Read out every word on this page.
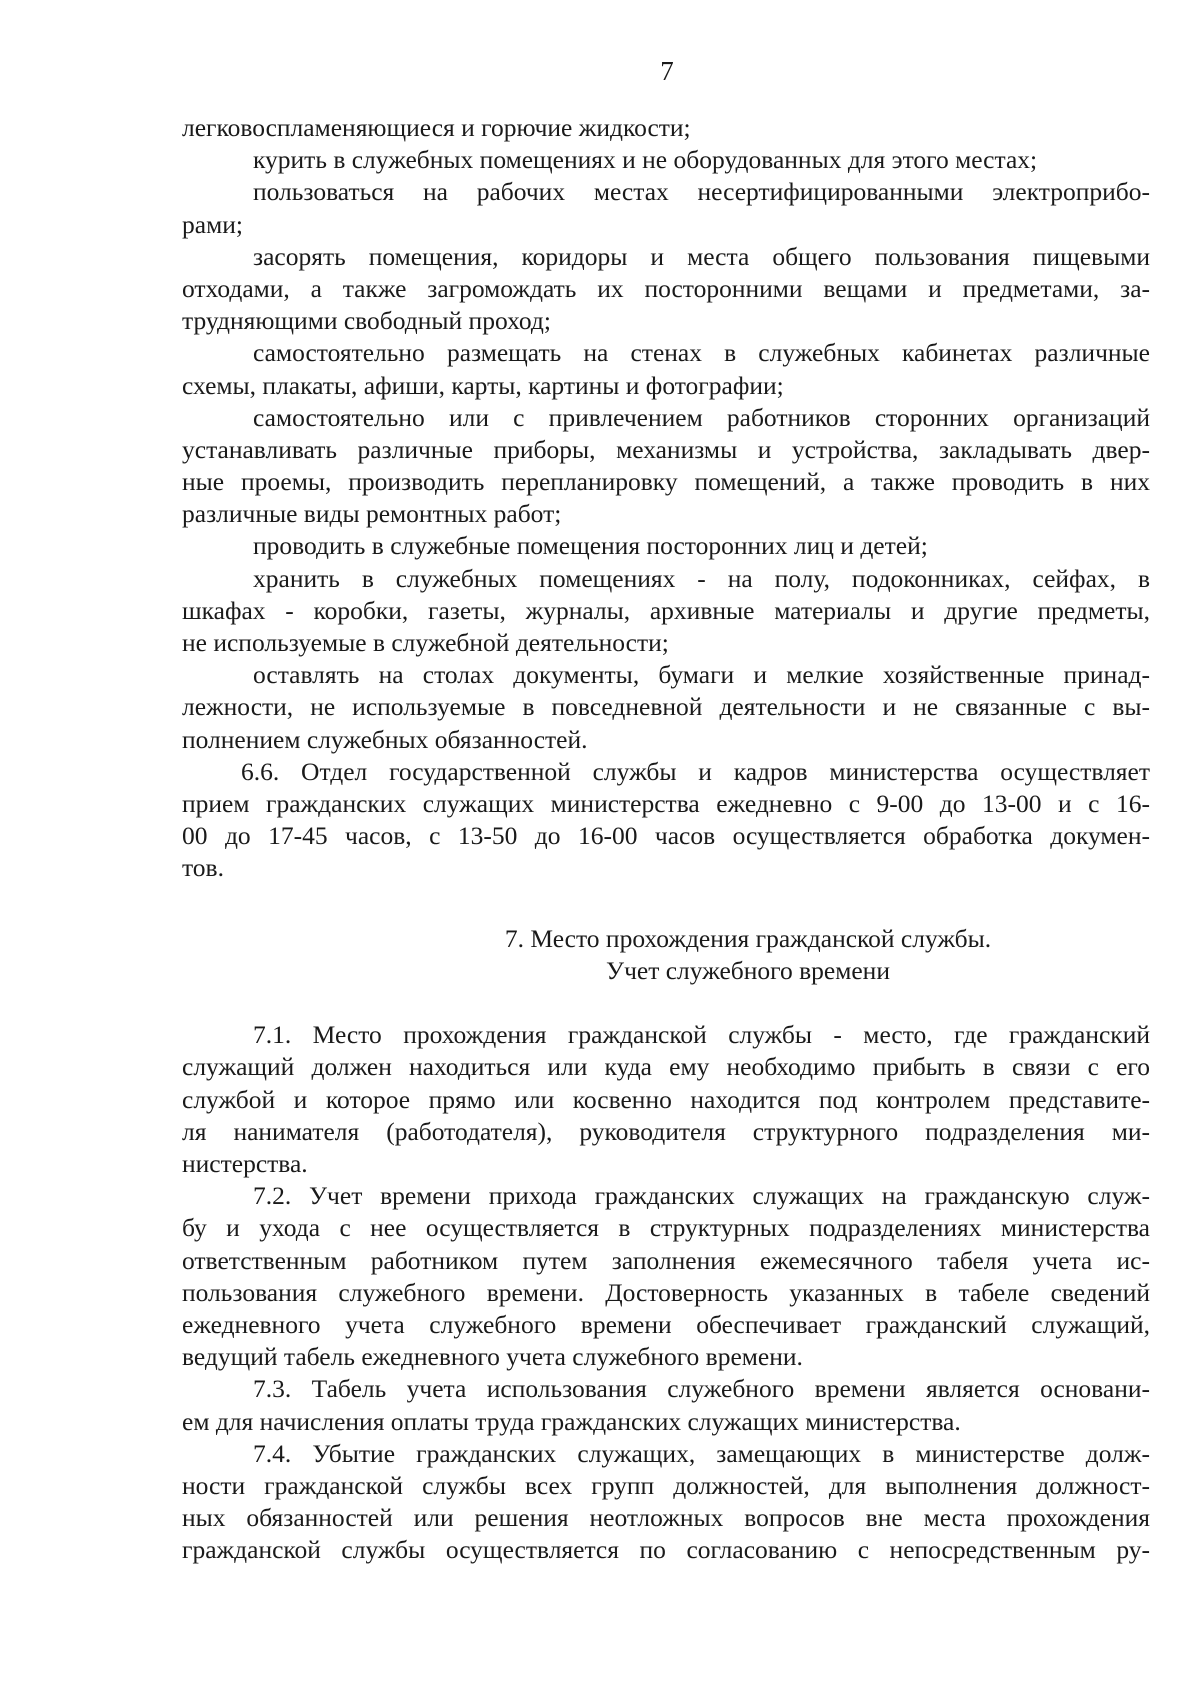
7
легковоспламеняющиеся и горючие жидкости;
курить в служебных помещениях и не оборудованных для этого местах;
пользоваться на рабочих местах несертифицированными электроприбо-
рами;
засорять помещения, коридоры и места общего пользования пищевыми
отходами, а также загромождать их посторонними вещами и предметами, за-
трудняющими свободный проход;
самостоятельно размещать на стенах в служебных кабинетах различные
схемы, плакаты, афиши, карты, картины и фотографии;
самостоятельно или с привлечением работников сторонних организаций
устанавливать различные приборы, механизмы и устройства, закладывать двер-
ные проемы, производить перепланировку помещений, а также проводить в них
различные виды ремонтных работ;
проводить в служебные помещения посторонних лиц и детей;
хранить в служебных помещениях - на полу, подоконниках, сейфах, в
шкафах - коробки, газеты, журналы, архивные материалы и другие предметы,
не используемые в служебной деятельности;
оставлять на столах документы, бумаги и мелкие хозяйственные принад-
лежности, не используемые в повседневной деятельности и не связанные с вы-
полнением служебных обязанностей.
6.6. Отдел государственной службы и кадров министерства осуществляет
прием гражданских служащих министерства ежедневно с 9-00 до 13-00 и с 16-
00 до 17-45 часов, с 13-50 до 16-00 часов осуществляется обработка докумен-
тов.
7. Место прохождения гражданской службы.
Учет служебного времени
7.1. Место прохождения гражданской службы - место, где гражданский
служащий должен находиться или куда ему необходимо прибыть в связи с его
службой и которое прямо или косвенно находится под контролем представите-
ля нанимателя (работодателя), руководителя структурного подразделения ми-
нистерства.
7.2. Учет времени прихода гражданских служащих на гражданскую служ-
бу и ухода с нее осуществляется в структурных подразделениях министерства
ответственным работником путем заполнения ежемесячного табеля учета ис-
пользования служебного времени. Достоверность указанных в табеле сведений
ежедневного учета служебного времени обеспечивает гражданский служащий,
ведущий табель ежедневного учета служебного времени.
7.3. Табель учета использования служебного времени является основани-
ем для начисления оплаты труда гражданских служащих министерства.
7.4. Убытие гражданских служащих, замещающих в министерстве долж-
ности гражданской службы всех групп должностей, для выполнения должност-
ных обязанностей или решения неотложных вопросов вне места прохождения
гражданской службы осуществляется по согласованию с непосредственным ру-
